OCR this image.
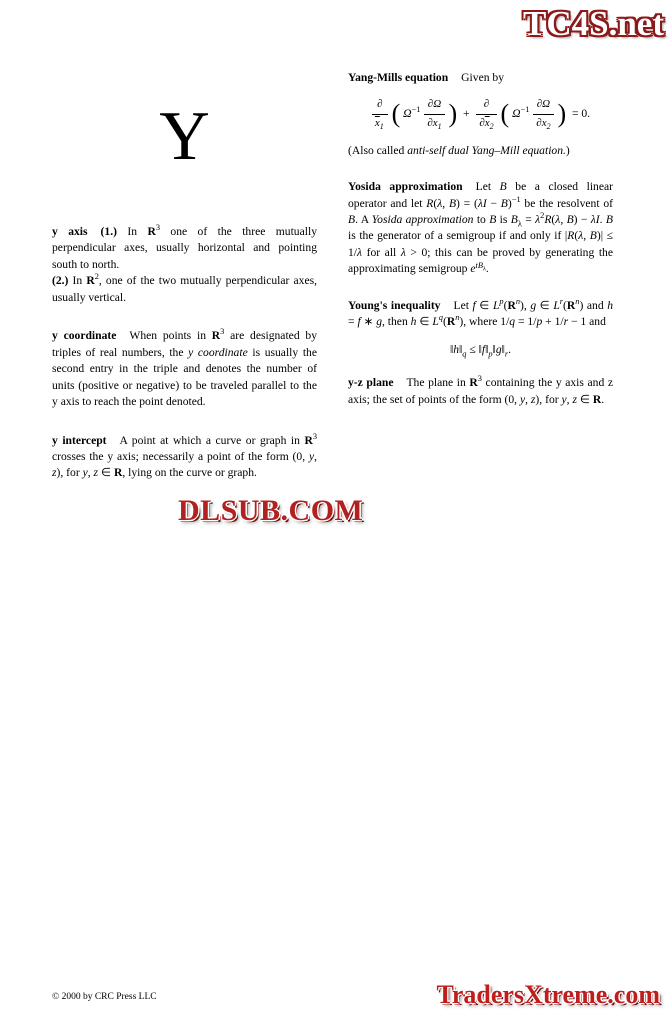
Y
y axis (1.) In $R^3$ one of the three mutually perpendicular axes, usually horizontal and pointing south to north.
(2.) In $R^2$, one of the two mutually perpendicular axes, usually vertical.
y coordinate When points in $R^3$ are designated by triples of real numbers, the y coordinate is usually the second entry in the triple and denotes the number of units (positive or negative) to be traveled parallel to the y axis to reach the point denoted.
y intercept A point at which a curve or graph in $R^3$ crosses the y axis; necessarily a point of the form (0, y, z), for y, z ∈ R, lying on the curve or graph.
Yang-Mills equation Given by
$\frac{\partial}{\overline{x}_1}$  ( $\Omega^{-1} \frac{\partial\Omega}{\partial x_1}$ )  + $\frac{\partial}{\partial\overline{x}_2}$ ( $\Omega^{-1} \frac{\partial\Omega}{\partial x_2}$ )  = 0.
(Also called anti-self dual Yang–Mill equation.)
Yosida approximation Let B be a closed linear operator and let R(λ, $B) = (\lambda I - B)^{-1}$ be the resolvent of B. A Yosida approximation to B is $B_\lambda = \lambda^2R(\lambda$, B) − λI. B is the generator of a semigroup if and only if |R(λ, B)| ≤ 1/λ for all λ > 0; this can be proved by generating the approximating semigroup $e^{tB_\lambda}$.
Young's inequality Let f ∈ $L^p(R^n)$, g ∈ $L^r(R^n)$ and h = f ∗ g, then h ∈ $L^q(R^n)$, where 1/q = 1/p + 1/r − 1 and
$‖h‖_q$ ≤ $‖f‖_p‖g‖_r$.
y-z plane The plane in $R^3$ containing the y axis and z axis; the set of points of the form (0, y, z), for y, z ∈ R.
© 2000 by CRC Press LLC
TC4S.net
DLSUB.COM
TradersXtreme.com
